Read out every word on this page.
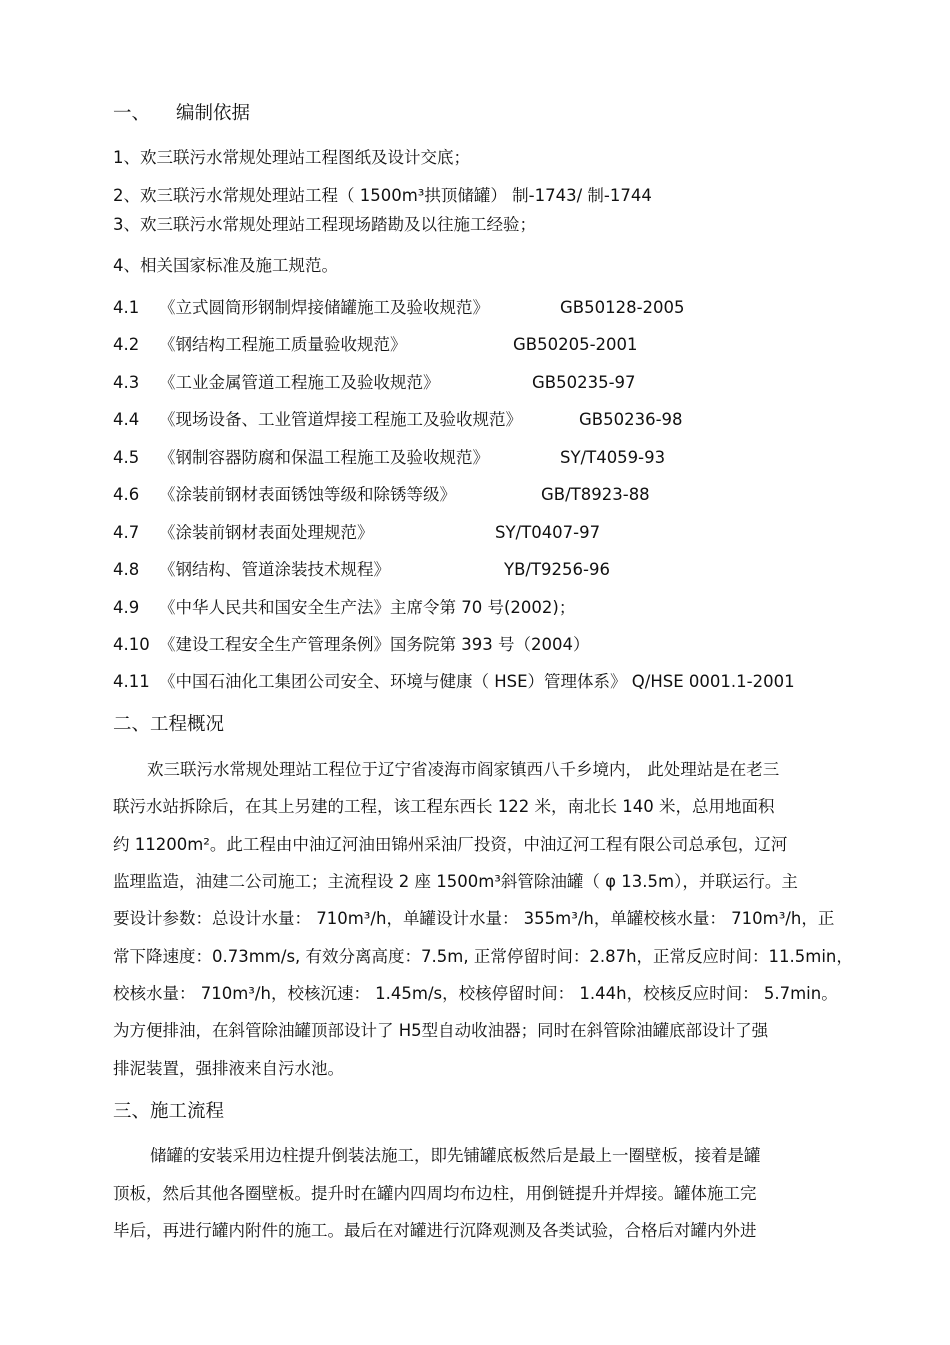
一、 编制依据
1、欢三联污水常规处理站工程图纸及设计交底；
2、欢三联污水常规处理站工程（ 1500m³拱顶储罐） 制-1743/ 制-1744
3、欢三联污水常规处理站工程现场踏勘及以往施工经验；
4、相关国家标准及施工规范。
4.1 《立式圆筒形钢制焊接储罐施工及验收规范》	GB50128-2005
4.2 《钢结构工程施工质量验收规范》	GB50205-2001
4.3 《工业金属管道工程施工及验收规范》	GB50235-97
4.4 《现场设备、工业管道焊接工程施工及验收规范》	GB50236-98
4.5 《钢制容器防腐和保温工程施工及验收规范》	SY/T4059-93
4.6 《涂装前钢材表面锈蚀等级和除锈等级》	GB/T8923-88
4.7 《涂装前钢材表面处理规范》	SY/T0407-97
4.8 《钢结构、管道涂装技术规程》	YB/T9256-96
4.9 《中华人民共和国安全生产法》主席令第 70 号(2002)；
4.10 《建设工程安全生产管理条例》国务院第 393 号（2004）
4.11 《中国石油化工集团公司安全、环境与健康（ HSE）管理体系》 Q/HSE 0001.1-2001
二、工程概况
欢三联污水常规处理站工程位于辽宁省凌海市阎家镇西八千乡境内， 此处理站是在老三
联污水站拆除后，在其上另建的工程，该工程东西长 122 米，南北长 140 米，总用地面积
约 11200m²。此工程由中油辽河油田锦州采油厂投资，中油辽河工程有限公司总承包，辽河
监理监造，油建二公司施工；主流程设 2 座 1500m³斜管除油罐（ φ 13.5m），并联运行。主
要设计参数：总设计水量： 710m³/h，单罐设计水量： 355m³/h，单罐校核水量： 710m³/h，正
常下降速度：0.73mm/s, 有效分离高度：7.5m, 正常停留时间：2.87h，正常反应时间：11.5min，
校核水量： 710m³/h，校核沉速： 1.45m/s，校核停留时间： 1.44h，校核反应时间： 5.7min。
为方便排油，在斜管除油罐顶部设计了 H5型自动收油器；同时在斜管除油罐底部设计了强
排泥装置，强排液来自污水池。
三、施工流程
储罐的安装采用边柱提升倒装法施工，即先铺罐底板然后是最上一圈壁板，接着是罐
顶板，然后其他各圈壁板。提升时在罐内四周均布边柱，用倒链提升并焊接。罐体施工完
毕后，再进行罐内附件的施工。最后在对罐进行沉降观测及各类试验，合格后对罐内外进
